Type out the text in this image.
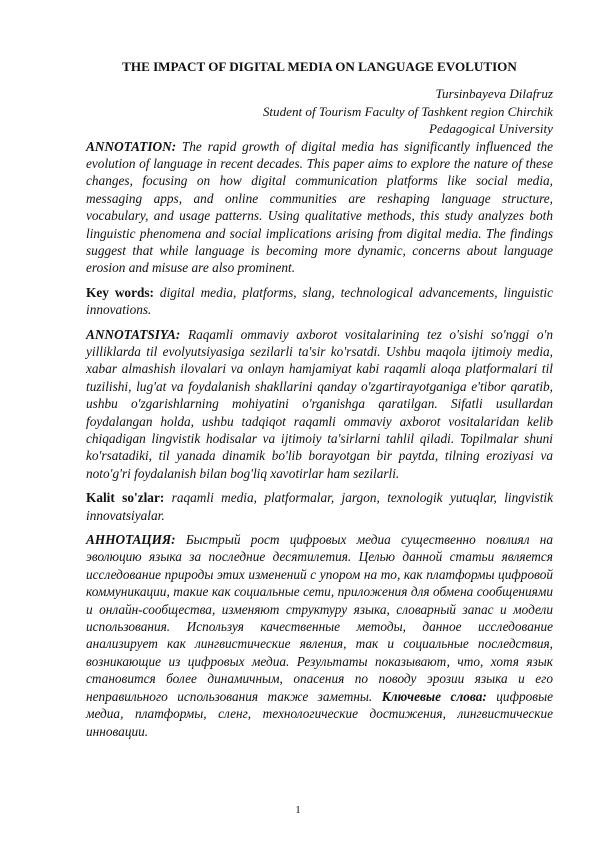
THE IMPACT OF DIGITAL MEDIA ON LANGUAGE EVOLUTION
Tursinbayeva Dilafruz
Student of Tourism Faculty of Tashkent region Chirchik
Pedagogical University

ANNOTATION: The rapid growth of digital media has significantly influenced the evolution of language in recent decades. This paper aims to explore the nature of these changes, focusing on how digital communication platforms like social media, messaging apps, and online communities are reshaping language structure, vocabulary, and usage patterns. Using qualitative methods, this study analyzes both linguistic phenomena and social implications arising from digital media. The findings suggest that while language is becoming more dynamic, concerns about language erosion and misuse are also prominent.

Key words: digital media, platforms, slang, technological advancements, linguistic innovations.

ANNOTATSIYA: Raqamli ommaviy axborot vositalarining tez o'sishi so'nggi o'n yilliklarda til evolyutsiyasiga sezilarli ta'sir ko'rsatdi. Ushbu maqola ijtimoiy media, xabar almashish ilovalari va onlayn hamjamiyat kabi raqamli aloqa platformalari til tuzilishi, lug'at va foydalanish shakllarini qanday o'zgartirayotganiga e'tibor qaratib, ushbu o'zgarishlarning mohiyatini o'rganishga qaratilgan. Sifatli usullardan foydalangan holda, ushbu tadqiqot raqamli ommaviy axborot vositalaridan kelib chiqadigan lingvistik hodisalar va ijtimoiy ta'sirlarni tahlil qiladi. Topilmalar shuni ko'rsatadiki, til yanada dinamik bo'lib borayotgan bir paytda, tilning eroziyasi va noto'g'ri foydalanish bilan bog'liq xavotirlar ham sezilarli.

Kalit so'zlar: raqamli media, platformalar, jargon, texnologik yutuqlar, lingvistik innovatsiyalar.

АННОТАЦИЯ: Быстрый рост цифровых медиа существенно повлиял на эволюцию языка за последние десятилетия. Целью данной статьи является исследование природы этих изменений с упором на то, как платформы цифровой коммуникации, такие как социальные сети, приложения для обмена сообщениями и онлайн-сообщества, изменяют структуру языка, словарный запас и модели использования. Используя качественные методы, данное исследование анализирует как лингвистические явления, так и социальные последствия, возникающие из цифровых медиа. Результаты показывают, что, хотя язык становится более динамичным, опасения по поводу эрозии языка и его неправильного использования также заметны. Ключевые слова: цифровые медиа, платформы, сленг, технологические достижения, лингвистические инновации.

1
